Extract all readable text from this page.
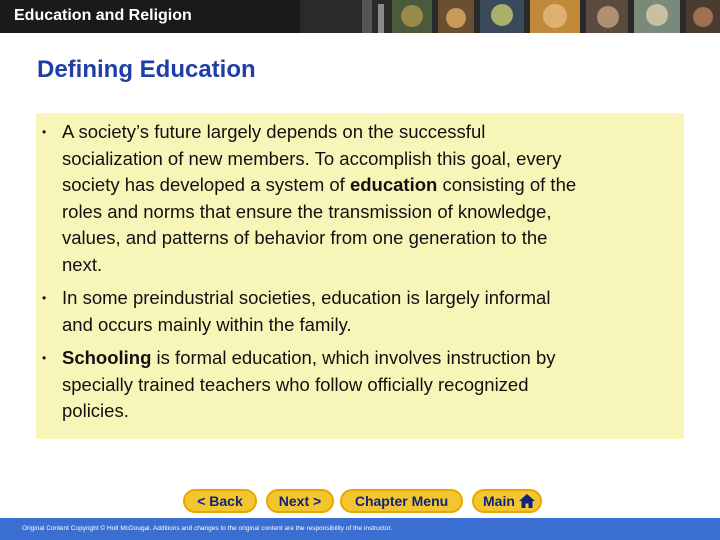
Education and Religion
Defining Education
• A society’s future largely depends on the successful
socialization of new members. To accomplish this goal, every
society has developed a system of education consisting of the
roles and norms that ensure the transmission of knowledge,
values, and patterns of behavior from one generation to the
next.
• In some preindustrial societies, education is largely informal
and occurs mainly within the family.
• Schooling is formal education, which involves instruction by
specially trained teachers who follow officially recognized
policies.
< Back	Next >	Chapter Menu	Main
Original Content Copyright © Holt McDougal. Additions and changes to the original content are the responsibility of the instructor.
